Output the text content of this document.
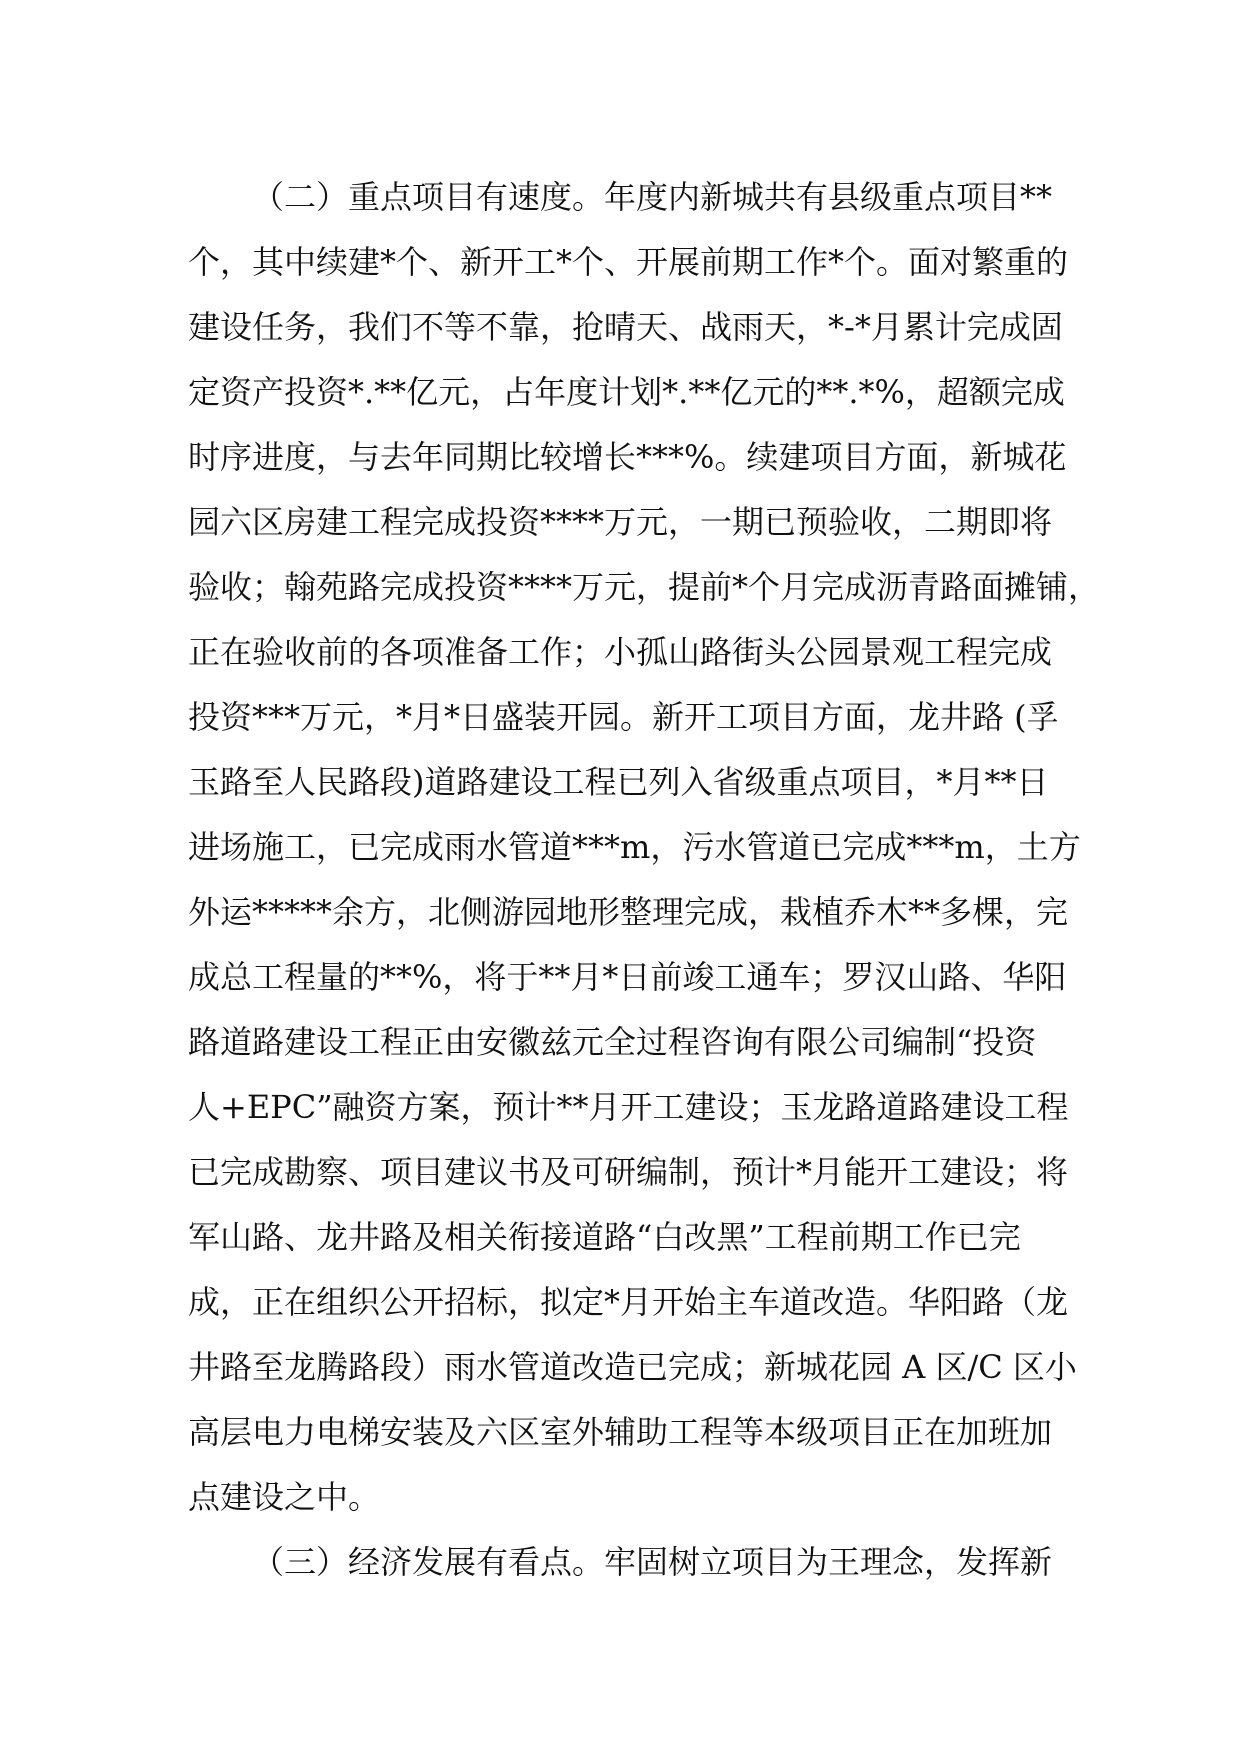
（二）重点项目有速度。年度内新城共有县级重点项目**
个，其中续建*个、新开工*个、开展前期工作*个。面对繁重的
建设任务，我们不等不靠，抢晴天、战雨天，*-*月累计完成固
定资产投资*.**亿元，占年度计划*.**亿元的**.*%，超额完成
时序进度，与去年同期比较增长***%。续建项目方面，新城花
园六区房建工程完成投资****万元，一期已预验收，二期即将
验收；翰苑路完成投资****万元，提前*个月完成沥青路面摊铺，
正在验收前的各项准备工作；小孤山路街头公园景观工程完成
投资***万元，*月*日盛装开园。新开工项目方面，龙井路 (孚
玉路至人民路段)道路建设工程已列入省级重点项目，*月**日
进场施工，已完成雨水管道***m，污水管道已完成***m，土方
外运*****余方，北侧游园地形整理完成，栽植乔木**多棵，完
成总工程量的**%，将于**月*日前竣工通车；罗汉山路、华阳
路道路建设工程正由安徽兹元全过程咨询有限公司编制“投资
人+EPC”融资方案，预计**月开工建设；玉龙路道路建设工程
已完成勘察、项目建议书及可研编制，预计*月能开工建设；将
军山路、龙井路及相关衔接道路“白改黑”工程前期工作已完
成，正在组织公开招标，拟定*月开始主车道改造。华阳路（龙
井路至龙腾路段）雨水管道改造已完成；新城花园 A 区/C 区小
高层电力电梯安装及六区室外辅助工程等本级项目正在加班加
点建设之中。
（三）经济发展有看点。牢固树立项目为王理念，发挥新
